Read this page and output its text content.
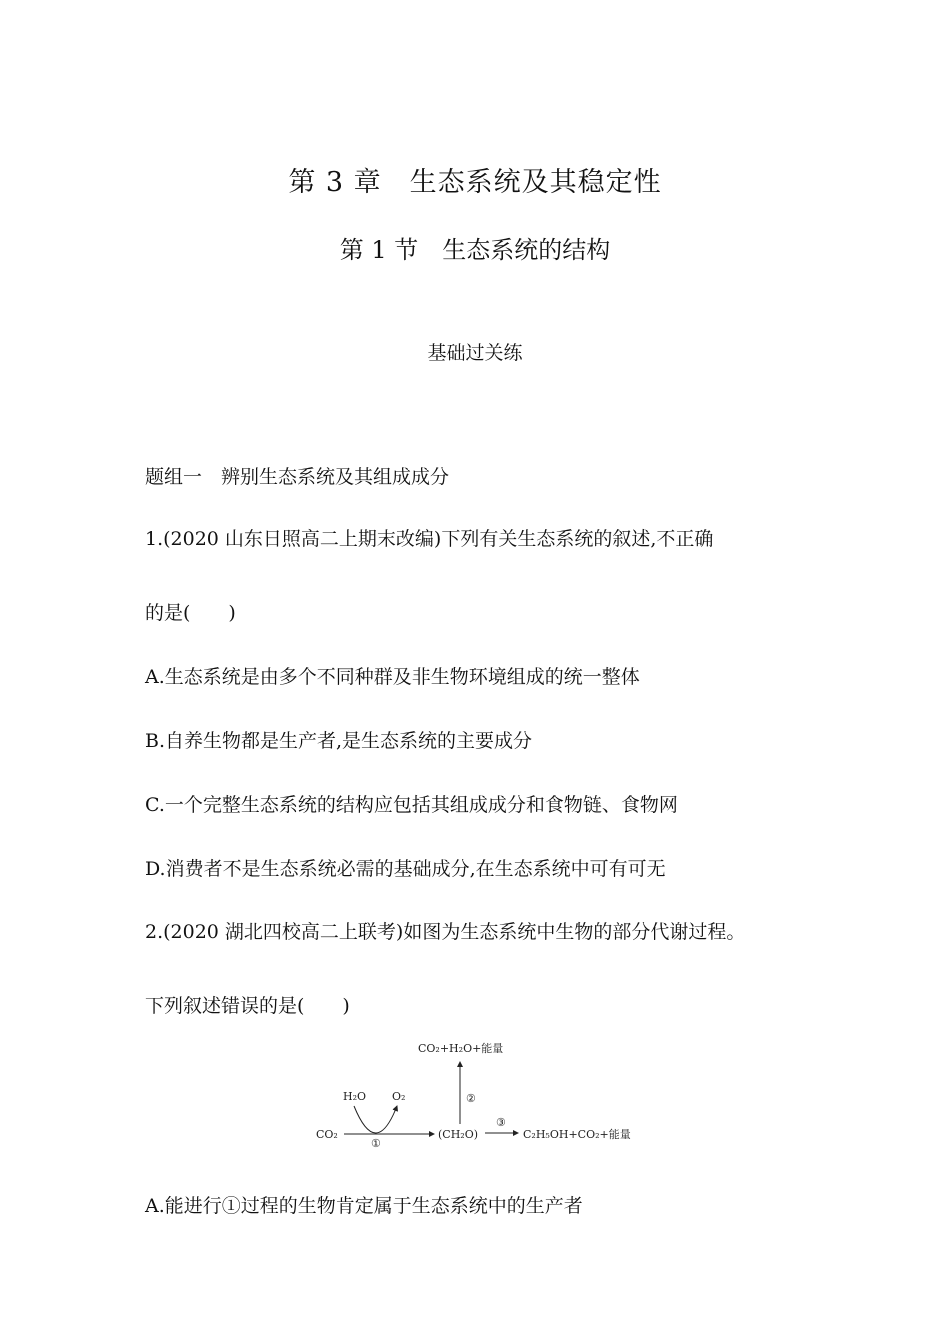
第 3 章　生态系统及其稳定性
第 1 节　生态系统的结构
基础过关练
题组一　辨别生态系统及其组成成分
1.(2020 山东日照高二上期末改编)下列有关生态系统的叙述,不正确
的是(　　)
A.生态系统是由多个不同种群及非生物环境组成的统一整体
B.自养生物都是生产者,是生态系统的主要成分
C.一个完整生态系统的结构应包括其组成成分和食物链、食物网
D.消费者不是生态系统必需的基础成分,在生态系统中可有可无
2.(2020 湖北四校高二上联考)如图为生态系统中生物的部分代谢过程。
下列叙述错误的是(　　)
CO₂+H₂O+能量
②
H₂O O₂
CO₂
①
(CH₂O)
③
C₂H₅OH+CO₂+能量
A.能进行①过程的生物肯定属于生态系统中的生产者
